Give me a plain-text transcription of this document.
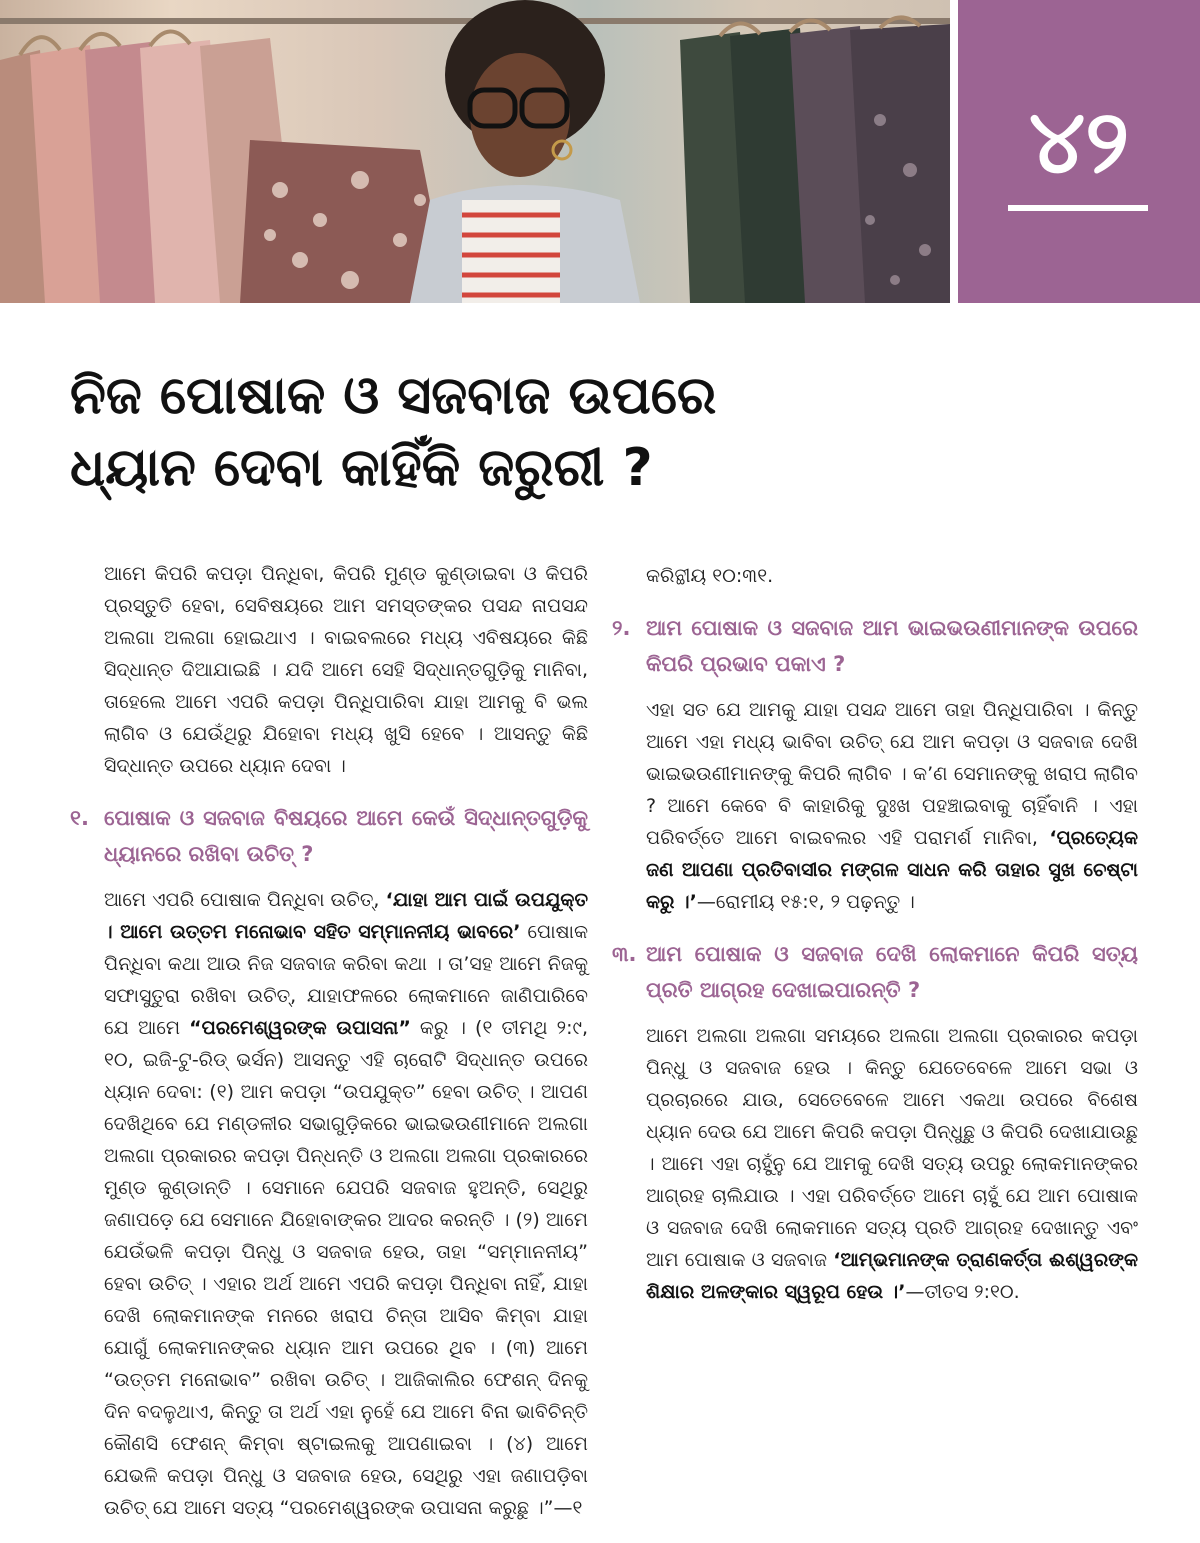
୪୨
ନିଜ ପୋଷାକ ଓ ସଜବାଜ ଉପରେ
ଧ୍ୟାନ ଦେବା କାହିଁକି ଜରୁରୀ ?

ଆମେ କିପରି କପଡ଼ା ପିନ୍ଧିବା, କିପରି ମୁଣ୍ଡ କୁଣ୍ଡାଇବା ଓ କିପରି ପ୍ରସ୍ତୁତି ହେବା, ସେବିଷୟରେ ଆମ ସମସ୍ତଙ୍କର ପସନ୍ଦ ନାପସନ୍ଦ ଅଲଗା ଅଲଗା ହୋଇଥାଏ । ବାଇବଲରେ ମଧ୍ୟ ଏବିଷୟରେ କିଛି ସିଦ୍ଧାନ୍ତ ଦିଆଯାଇଛି । ଯଦି ଆମେ ସେହି ସିଦ୍ଧାନ୍ତଗୁଡ଼ିକୁ ମାନିବା, ତାହେଲେ ଆମେ ଏପରି କପଡ଼ା ପିନ୍ଧିପାରିବା ଯାହା ଆମକୁ ବି ଭଲ ଲାଗିବ ଓ ଯେଉଁଥିରୁ ଯିହୋବା ମଧ୍ୟ ଖୁସି ହେବେ । ଆସନ୍ତୁ କିଛି ସିଦ୍ଧାନ୍ତ ଉପରେ ଧ୍ୟାନ ଦେବା ।

୧. ପୋଷାକ ଓ ସଜବାଜ ବିଷୟରେ ଆମେ କେଉଁ ସିଦ୍ଧାନ୍ତଗୁଡ଼ିକୁ ଧ୍ୟାନରେ ରଖିବା ଉଚିତ୍‌ ?

ଆମେ ଏପରି ପୋଷାକ ପିନ୍ଧିବା ଉଚିତ୍‌, ‘ଯାହା ଆମ ପାଇଁ ଉପଯୁକ୍ତ । ଆମେ ଉତ୍ତମ ମନୋଭାବ ସହିତ ସମ୍ମାନନୀୟ ଭାବରେ’ ପୋଷାକ ପିନ୍ଧିବା କଥା ଆଉ ନିଜ ସଜବାଜ କରିବା କଥା । ତା’ସହ ଆମେ ନିଜକୁ ସଫାସୁତୁରା ରଖିବା ଉଚିତ୍‌, ଯାହାଫଳରେ ଲୋକମାନେ ଜାଣିପାରିବେ ଯେ ଆମେ “ପରମେଶ୍ୱରଙ୍କ ଉପାସନା” କରୁ । (୧ ତୀମଥି ୨:୯, ୧୦, ଇଜି-ଟୁ-ରିଡ୍‌ ଭର୍ସନ) ଆସନ୍ତୁ ଏହି ଚାରୋଟି ସିଦ୍ଧାନ୍ତ ଉପରେ ଧ୍ୟାନ ଦେବା: (୧) ଆମ କପଡ଼ା “ଉପଯୁକ୍ତ” ହେବା ଉଚିତ୍‌ । ଆପଣ ଦେଖିଥିବେ ଯେ ମଣ୍ଡଳୀର ସଭାଗୁଡ଼ିକରେ ଭାଇଭଉଣୀମାନେ ଅଲଗା ଅଲଗା ପ୍ରକାରର କପଡ଼ା ପିନ୍ଧନ୍ତି ଓ ଅଲଗା ଅଲଗା ପ୍ରକାରରେ ମୁଣ୍ଡ କୁଣ୍ଡାନ୍ତି । ସେମାନେ ଯେପରି ସଜବାଜ ହୁଅନ୍ତି, ସେଥିରୁ ଜଣାପଡ଼େ ଯେ ସେମାନେ ଯିହୋବାଙ୍କର ଆଦର କରନ୍ତି । (୨) ଆମେ ଯେଉଁଭଳି କପଡ଼ା ପିନ୍ଧୁ ଓ ସଜବାଜ ହେଉ, ତାହା “ସମ୍ମାନନୀୟ” ହେବା ଉଚିତ୍‌ । ଏହାର ଅର୍ଥ ଆମେ ଏପରି କପଡ଼ା ପିନ୍ଧିବା ନାହିଁ, ଯାହା ଦେଖି ଲୋକମାନଙ୍କ ମନରେ ଖରାପ ଚିନ୍ତା ଆସିବ କିମ୍ବା ଯାହା ଯୋଗୁଁ ଲୋକମାନଙ୍କର ଧ୍ୟାନ ଆମ ଉପରେ ଥିବ । (୩) ଆମେ “ଉତ୍ତମ ମନୋଭାବ” ରଖିବା ଉଚିତ୍‌ । ଆଜିକାଲିର ଫେଶନ୍‌ ଦିନକୁ ଦିନ ବଦଳୁଥାଏ, କିନ୍ତୁ ତା ଅର୍ଥ ଏହା ନୁହେଁ ଯେ ଆମେ ବିନା ଭାବିଚିନ୍ତି କୌଣସି ଫେଶନ୍‌ କିମ୍ବା ଷ୍ଟାଇଲକୁ ଆପଣାଇବା । (୪) ଆମେ ଯେଭଳି କପଡ଼ା ପିନ୍ଧୁ ଓ ସଜବାଜ ହେଉ, ସେଥିରୁ ଏହା ଜଣାପଡ଼ିବା ଉଚିତ୍‌ ଯେ ଆମେ ସତ୍ୟ “ପରମେଶ୍ୱରଙ୍କ ଉପାସନା କରୁଛୁ ।”—୧

କରିନ୍ଥୀୟ ୧୦:୩୧.

୨. ଆମ ପୋଷାକ ଓ ସଜବାଜ ଆମ ଭାଇଭଉଣୀମାନଙ୍କ ଉପରେ କିପରି ପ୍ରଭାବ ପକାଏ ?

ଏହା ସତ ଯେ ଆମକୁ ଯାହା ପସନ୍ଦ ଆମେ ତାହା ପିନ୍ଧିପାରିବା । କିନ୍ତୁ ଆମେ ଏହା ମଧ୍ୟ ଭାବିବା ଉଚିତ୍‌ ଯେ ଆମ କପଡ଼ା ଓ ସଜବାଜ ଦେଖି ଭାଇଭଉଣୀମାନଙ୍କୁ କିପରି ଲାଗିବ । କ’ଣ ସେମାନଙ୍କୁ ଖରାପ ଲାଗିବ ? ଆମେ କେବେ ବି କାହାରିକୁ ଦୁଃଖ ପହଞ୍ଚାଇବାକୁ ଚାହିଁବାନି । ଏହା ପରିବର୍ତ୍ତେ ଆମେ ବାଇବଲର ଏହି ପରାମର୍ଶ ମାନିବା, ‘ପ୍ରତ୍ୟେକ ଜଣ ଆପଣା ପ୍ରତିବାସୀର ମଙ୍ଗଳ ସାଧନ କରି ତାହାର ସୁଖ ଚେଷ୍ଟା କରୁ ।’—ରୋମୀୟ ୧୫:୧, ୨ ପଢ଼ନ୍ତୁ ।

୩. ଆମ ପୋଷାକ ଓ ସଜବାଜ ଦେଖି ଲୋକମାନେ କିପରି ସତ୍ୟ ପ୍ରତି ଆଗ୍ରହ ଦେଖାଇପାରନ୍ତି ?

ଆମେ ଅଲଗା ଅଲଗା ସମୟରେ ଅଲଗା ଅଲଗା ପ୍ରକାରର କପଡ଼ା ପିନ୍ଧୁ ଓ ସଜବାଜ ହେଉ । କିନ୍ତୁ ଯେତେବେଳେ ଆମେ ସଭା ଓ ପ୍ରଚାରରେ ଯାଉ, ସେତେବେଳେ ଆମେ ଏକଥା ଉପରେ ବିଶେଷ ଧ୍ୟାନ ଦେଉ ଯେ ଆମେ କିପରି କପଡ଼ା ପିନ୍ଧୁଛୁ ଓ କିପରି ଦେଖାଯାଉଛୁ । ଆମେ ଏହା ଚାହୁଁନୁ ଯେ ଆମକୁ ଦେଖି ସତ୍ୟ ଉପରୁ ଲୋକମାନଙ୍କର ଆଗ୍ରହ ଚାଲିଯାଉ । ଏହା ପରିବର୍ତ୍ତେ ଆମେ ଚାହୁଁ ଯେ ଆମ ପୋଷାକ ଓ ସଜବାଜ ଦେଖି ଲୋକମାନେ ସତ୍ୟ ପ୍ରତି ଆଗ୍ରହ ଦେଖାନ୍ତୁ ଏବଂ ଆମ ପୋଷାକ ଓ ସଜବାଜ ‘ଆମ୍ଭମାନଙ୍କ ତ୍ରାଣକର୍ତ୍ତା ଈଶ୍ୱରଙ୍କ ଶିକ୍ଷାର ଅଳଙ୍କାର ସ୍ୱରୂପ ହେଉ ।’—ତୀତସ ୨:୧୦.
